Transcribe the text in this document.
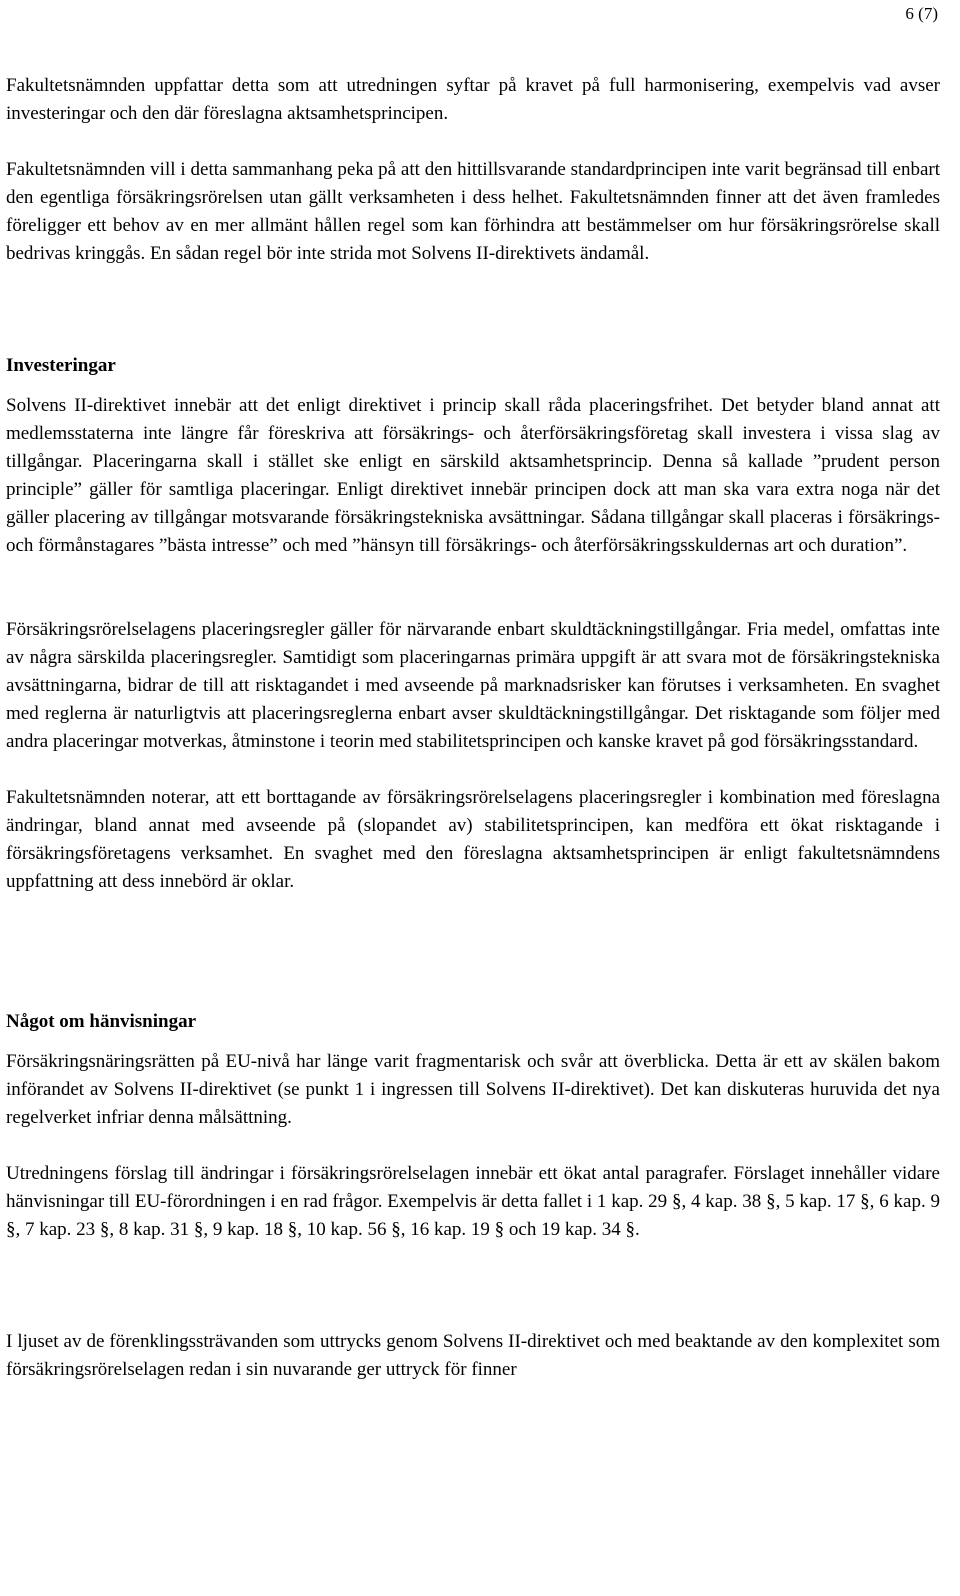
6 (7)

Fakultetsnämnden uppfattar detta som att utredningen syftar på kravet på full harmonisering, exempelvis vad avser investeringar och den där föreslagna aktsamhetsprincipen.

Fakultetsnämnden vill i detta sammanhang peka på att den hittillsvarande standardprincipen inte varit begränsad till enbart den egentliga försäkringsrörelsen utan gällt verksamheten i dess helhet. Fakultetsnämnden finner att det även framledes föreligger ett behov av en mer allmänt hållen regel som kan förhindra att bestämmelser om hur försäkringsrörelse skall bedrivas kringgås. En sådan regel bör inte strida mot Solvens II-direktivets ändamål.

Investeringar

Solvens II-direktivet innebär att det enligt direktivet i princip skall råda placeringsfrihet. Det betyder bland annat att medlemsstaterna inte längre får föreskriva att försäkrings- och återförsäkringsföretag skall investera i vissa slag av tillgångar. Placeringarna skall i stället ske enligt en särskild aktsamhetsprincip. Denna så kallade ”prudent person principle” gäller för samtliga placeringar. Enligt direktivet innebär principen dock att man ska vara extra noga när det gäller placering av tillgångar motsvarande försäkringstekniska avsättningar. Sådana tillgångar skall placeras i försäkrings- och förmånstagares ”bästa intresse” och med ”hänsyn till försäkrings- och återförsäkringsskuldernas art och duration”.

Försäkringsrörelselagens placeringsregler gäller för närvarande enbart skuldtäckningstillgångar. Fria medel, omfattas inte av några särskilda placeringsregler. Samtidigt som placeringarnas primära uppgift är att svara mot de försäkringstekniska avsättningarna, bidrar de till att risktagandet i med avseende på marknadsrisker kan förutses i verksamheten. En svaghet med reglerna är naturligtvis att placeringsreglerna enbart avser skuldtäckningstillgångar. Det risktagande som följer med andra placeringar motverkas, åtminstone i teorin med stabilitetsprincipen och kanske kravet på god försäkringsstandard.

Fakultetsnämnden noterar, att ett borttagande av försäkringsrörelselagens placeringsregler i kombination med föreslagna ändringar, bland annat med avseende på (slopandet av) stabilitetsprincipen, kan medföra ett ökat risktagande i försäkringsföretagens verksamhet. En svaghet med den föreslagna aktsamhetsprincipen är enligt fakultetsnämndens uppfattning att dess innebörd är oklar.

Något om hänvisningar

Försäkringsnäringsrätten på EU-nivå har länge varit fragmentarisk och svår att överblicka. Detta är ett av skälen bakom införandet av Solvens II-direktivet (se punkt 1 i ingressen till Solvens II-direktivet). Det kan diskuteras huruvida det nya regelverket infriar denna målsättning.

Utredningens förslag till ändringar i försäkringsrörelselagen innebär ett ökat antal paragrafer. Förslaget innehåller vidare hänvisningar till EU-förordningen i en rad frågor. Exempelvis är detta fallet i 1 kap. 29 §, 4 kap. 38 §, 5 kap. 17 §, 6 kap. 9 §, 7 kap. 23 §, 8 kap. 31 §, 9 kap. 18 §, 10 kap. 56 §, 16 kap. 19 § och 19 kap. 34 §.

I ljuset av de förenklingssträvanden som uttrycks genom Solvens II-direktivet och med beaktande av den komplexitet som försäkringsrörelselagen redan i sin nuvarande ger uttryck för finner
